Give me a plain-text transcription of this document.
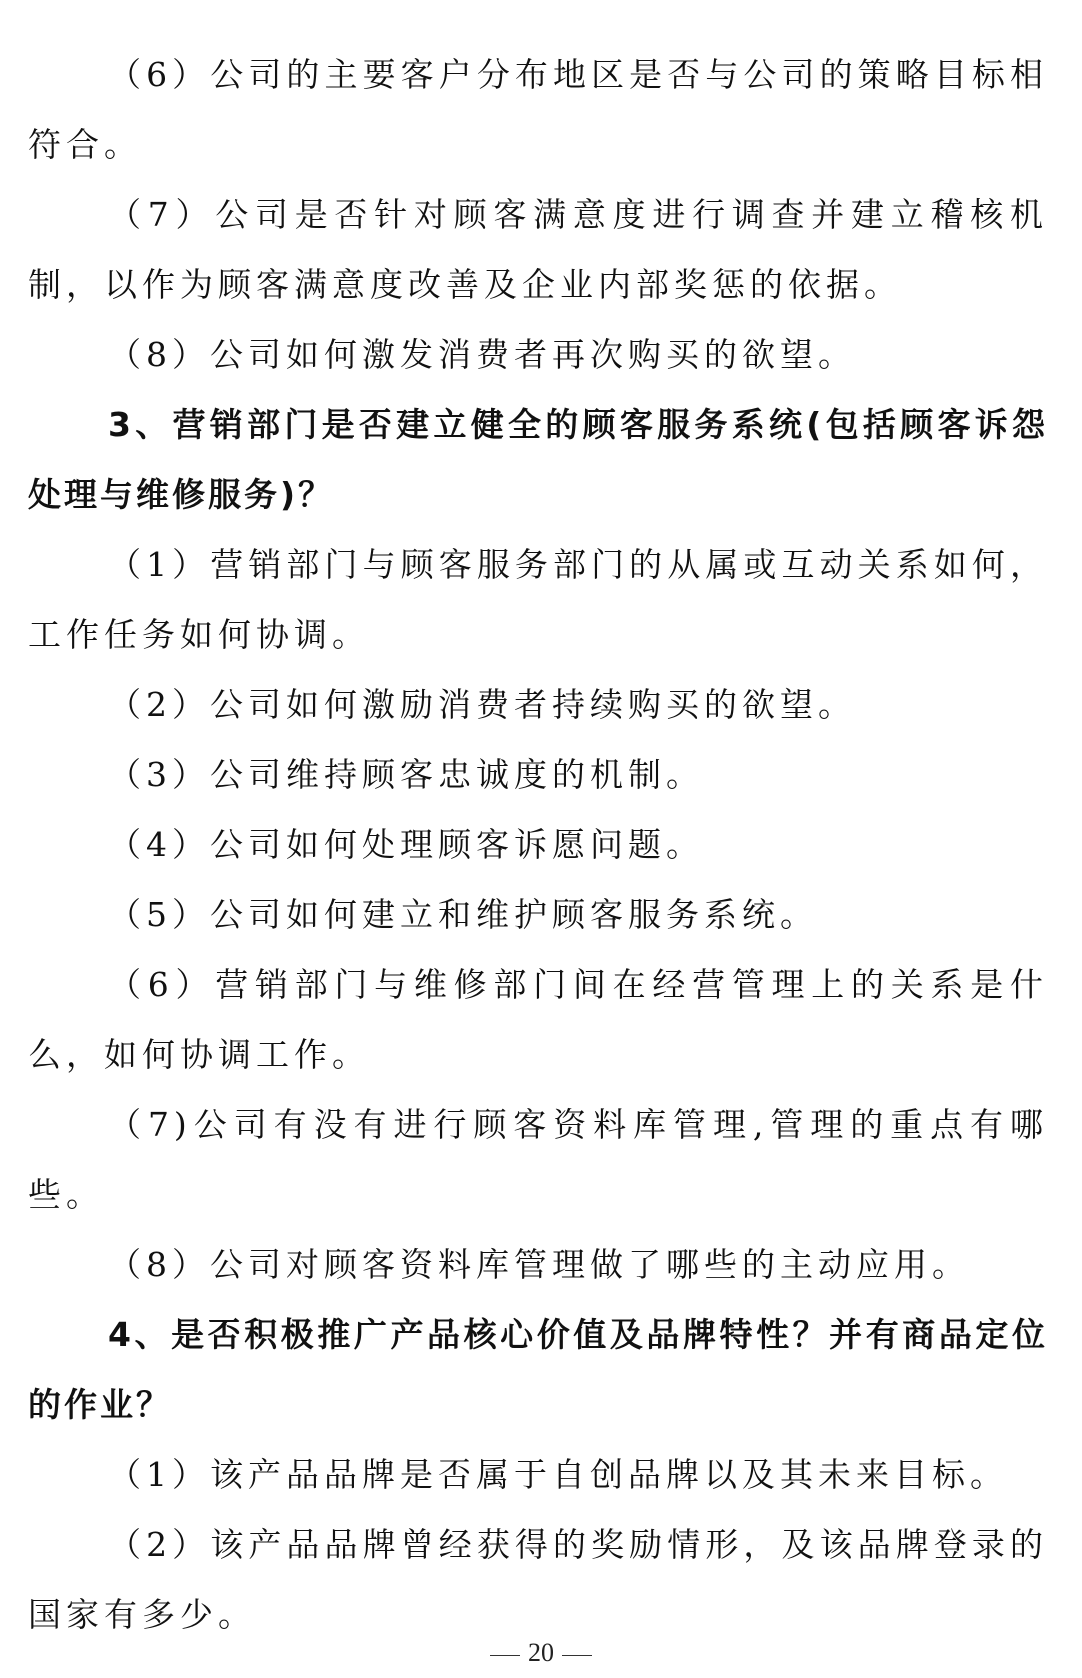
（6）公司的主要客户分布地区是否与公司的策略目标相符合。

（7）公司是否针对顾客满意度进行调查并建立稽核机制，以作为顾客满意度改善及企业内部奖惩的依据。

（8）公司如何激发消费者再次购买的欲望。

3、营销部门是否建立健全的顾客服务系统(包括顾客诉怨处理与维修服务)？

（1）营销部门与顾客服务部门的从属或互动关系如何，工作任务如何协调。

（2）公司如何激励消费者持续购买的欲望。

（3）公司维持顾客忠诚度的机制。

（4）公司如何处理顾客诉愿问题。

（5）公司如何建立和维护顾客服务系统。

（6）营销部门与维修部门间在经营管理上的关系是什么，如何协调工作。

（7)公司有没有进行顾客资料库管理,管理的重点有哪些。

（8）公司对顾客资料库管理做了哪些的主动应用。

4、是否积极推广产品核心价值及品牌特性？并有商品定位的作业？

（1）该产品品牌是否属于自创品牌以及其未来目标。

（2）该产品品牌曾经获得的奖励情形，及该品牌登录的国家有多少。

20
